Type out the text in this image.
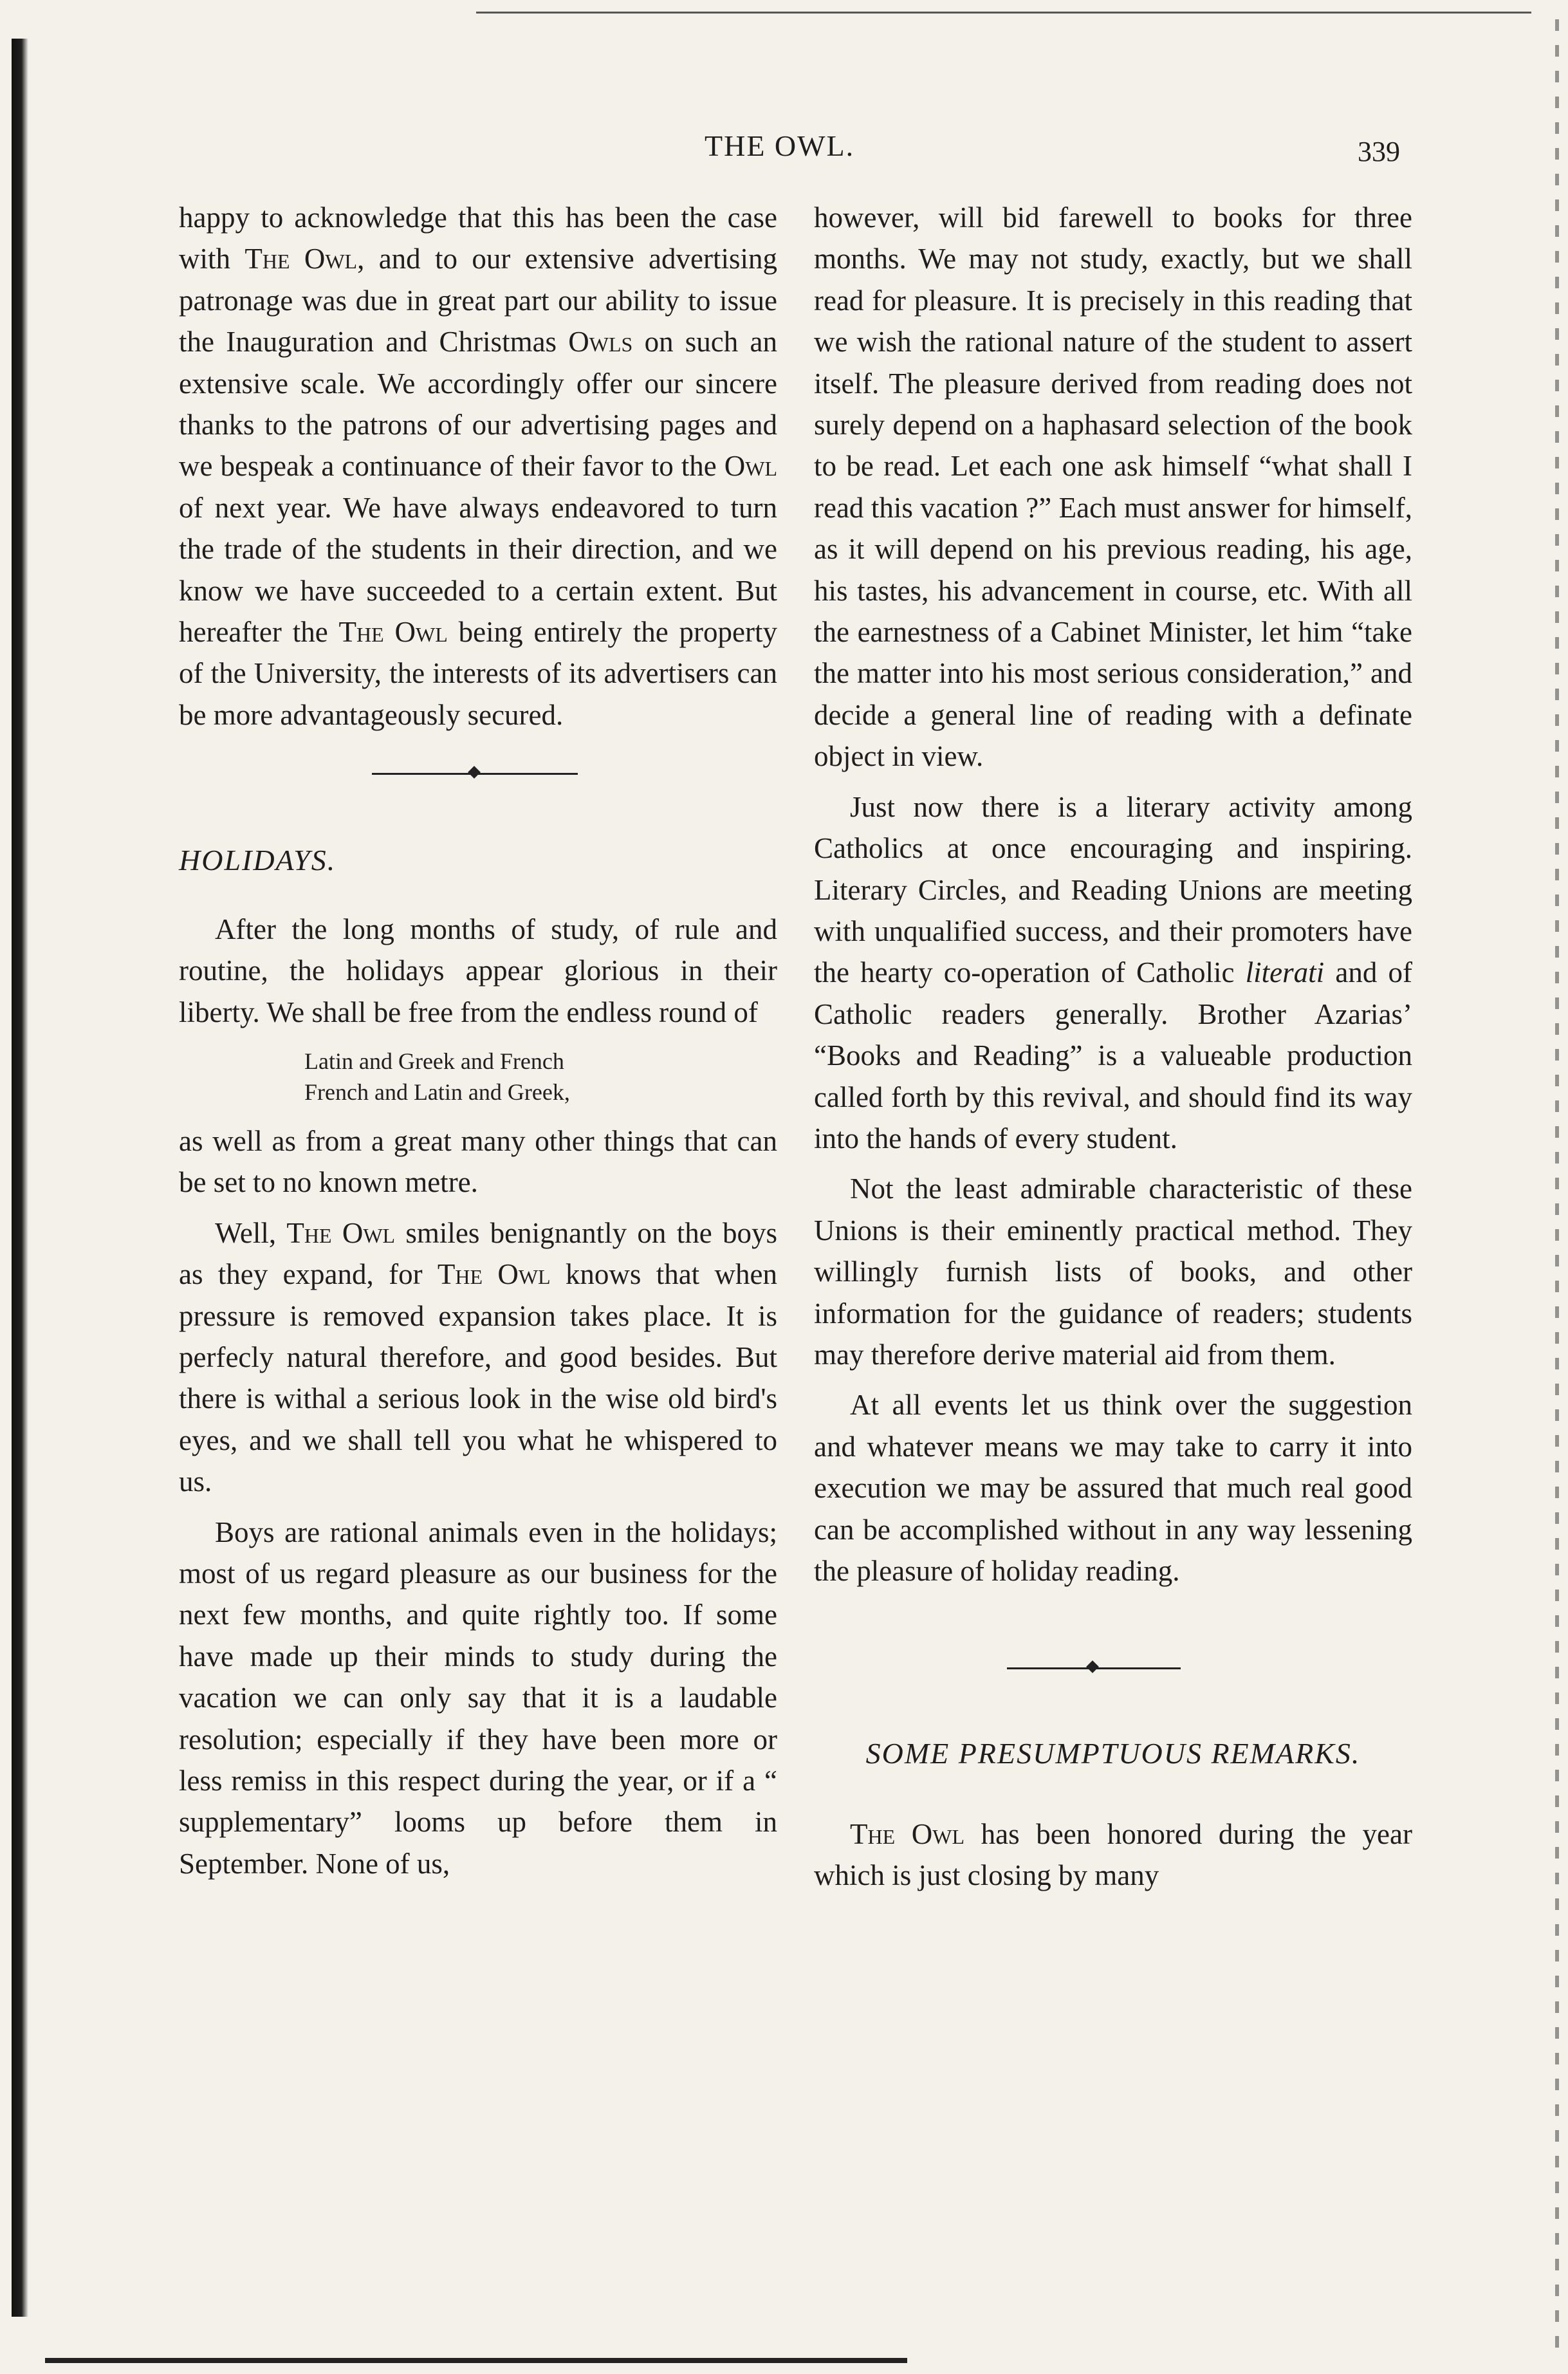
THE OWL.	339

happy to acknowledge that this has been the case with The Owl, and to our extensive advertising patronage was due in great part our ability to issue the Inauguration and Christmas Owls on such an extensive scale. We accordingly offer our sincere thanks to the patrons of our advertising pages and we bespeak a continuance of their favor to the Owl of next year. We have always endeavored to turn the trade of the students in their direction, and we know we have succeeded to a certain extent. But hereafter the The Owl being entirely the property of the University, the interests of its advertisers can be more advantageously secured.

HOLIDAYS.

After the long months of study, of rule and routine, the holidays appear glorious in their liberty. We shall be free from the endless round of

Latin and Greek and French
French and Latin and Greek,

as well as from a great many other things that can be set to no known metre.

Well, The Owl smiles benignantly on the boys as they expand, for The Owl knows that when pressure is removed expansion takes place. It is perfecly natural therefore, and good besides. But there is withal a serious look in the wise old bird's eyes, and we shall tell you what he whispered to us.

Boys are rational animals even in the holidays; most of us regard pleasure as our business for the next few months, and quite rightly too. If some have made up their minds to study during the vacation we can only say that it is a laudable resolution; especially if they have been more or less remiss in this respect during the year, or if a “ supplementary” looms up before them in September. None of us,

however, will bid farewell to books for three months. We may not study, exactly, but we shall read for pleasure. It is precisely in this reading that we wish the rational nature of the student to assert itself. The pleasure derived from reading does not surely depend on a haphasard selection of the book to be read. Let each one ask himself “what shall I read this vacation ?” Each must answer for himself, as it will depend on his previous reading, his age, his tastes, his advancement in course, etc. With all the earnestness of a Cabinet Minister, let him “take the matter into his most serious consideration,” and decide a general line of reading with a definate object in view.

Just now there is a literary activity among Catholics at once encouraging and inspiring. Literary Circles, and Reading Unions are meeting with unqualified success, and their promoters have the hearty co-operation of Catholic literati and of Catholic readers generally. Brother Azarias’ “Books and Reading” is a valueable production called forth by this revival, and should find its way into the hands of every student.

Not the least admirable characteristic of these Unions is their eminently practical method. They willingly furnish lists of books, and other information for the guidance of readers; students may therefore derive material aid from them.

At all events let us think over the suggestion and whatever means we may take to carry it into execution we may be assured that much real good can be accomplished without in any way lessening the pleasure of holiday reading.

SOME PRESUMPTUOUS REMARKS.

The Owl has been honored during the year which is just closing by many
